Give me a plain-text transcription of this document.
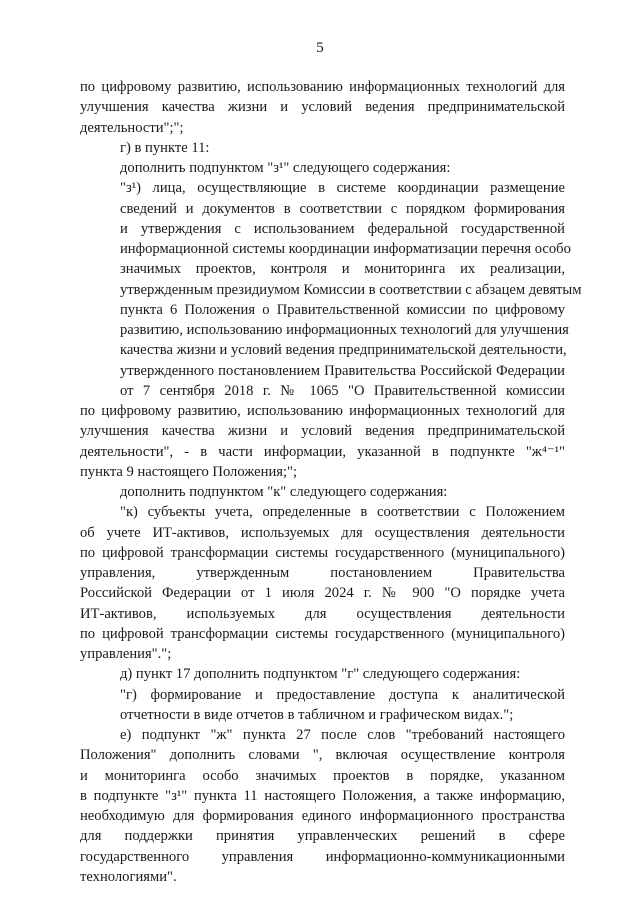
5
по цифровому развитию, использованию информационных технологий для
улучшения качества жизни и условий ведения предпринимательской
деятельности";";
г) в пункте 11:
дополнить подпунктом "з¹" следующего содержания:
"з¹) лица, осуществляющие в системе координации размещение
сведений и документов в соответствии с порядком формирования
и утверждения с использованием федеральной государственной
информационной системы координации информатизации перечня особо
значимых проектов, контроля и мониторинга их реализации,
утвержденным президиумом Комиссии в соответствии с абзацем девятым
пункта 6 Положения о Правительственной комиссии по цифровому
развитию, использованию информационных технологий для улучшения
качества жизни и условий ведения предпринимательской деятельности,
утвержденного постановлением Правительства Российской Федерации
от 7 сентября 2018 г. № 1065 "О Правительственной комиссии
по цифровому развитию, использованию информационных технологий для
улучшения качества жизни и условий ведения предпринимательской
деятельности", - в части информации, указанной в подпункте "ж⁴⁻¹"
пункта 9 настоящего Положения;";
дополнить подпунктом "к" следующего содержания:
"к) субъекты учета, определенные в соответствии с Положением
об учете ИТ-активов, используемых для осуществления деятельности
по цифровой трансформации системы государственного (муниципального)
управления, утвержденным постановлением Правительства
Российской Федерации от 1 июля 2024 г. № 900 "О порядке учета
ИТ-активов, используемых для осуществления деятельности
по цифровой трансформации системы государственного (муниципального)
управления".";
д) пункт 17 дополнить подпунктом "г" следующего содержания:
"г) формирование и предоставление доступа к аналитической
отчетности в виде отчетов в табличном и графическом видах.";
е) подпункт "ж" пункта 27 после слов "требований настоящего
Положения" дополнить словами ", включая осуществление контроля
и мониторинга особо значимых проектов в порядке, указанном
в подпункте "з¹" пункта 11 настоящего Положения, а также информацию,
необходимую для формирования единого информационного пространства
для поддержки принятия управленческих решений в сфере
государственного управления информационно-коммуникационными
технологиями".
